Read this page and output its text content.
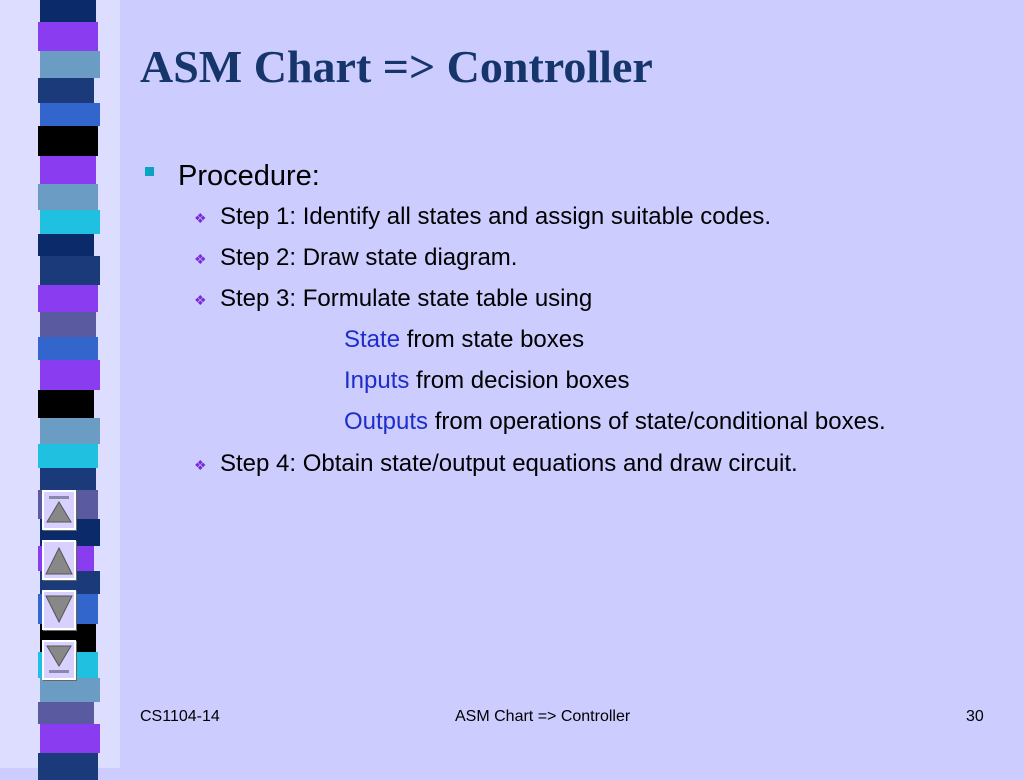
ASM Chart => Controller
Procedure:
❖ Step 1: Identify all states and assign suitable codes.
❖ Step 2: Draw state diagram.
❖ Step 3: Formulate state table using
State from state boxes
Inputs from decision boxes
Outputs from operations of state/conditional boxes.
❖ Step 4: Obtain state/output equations and draw circuit.
CS1104-14	ASM Chart => Controller	30
